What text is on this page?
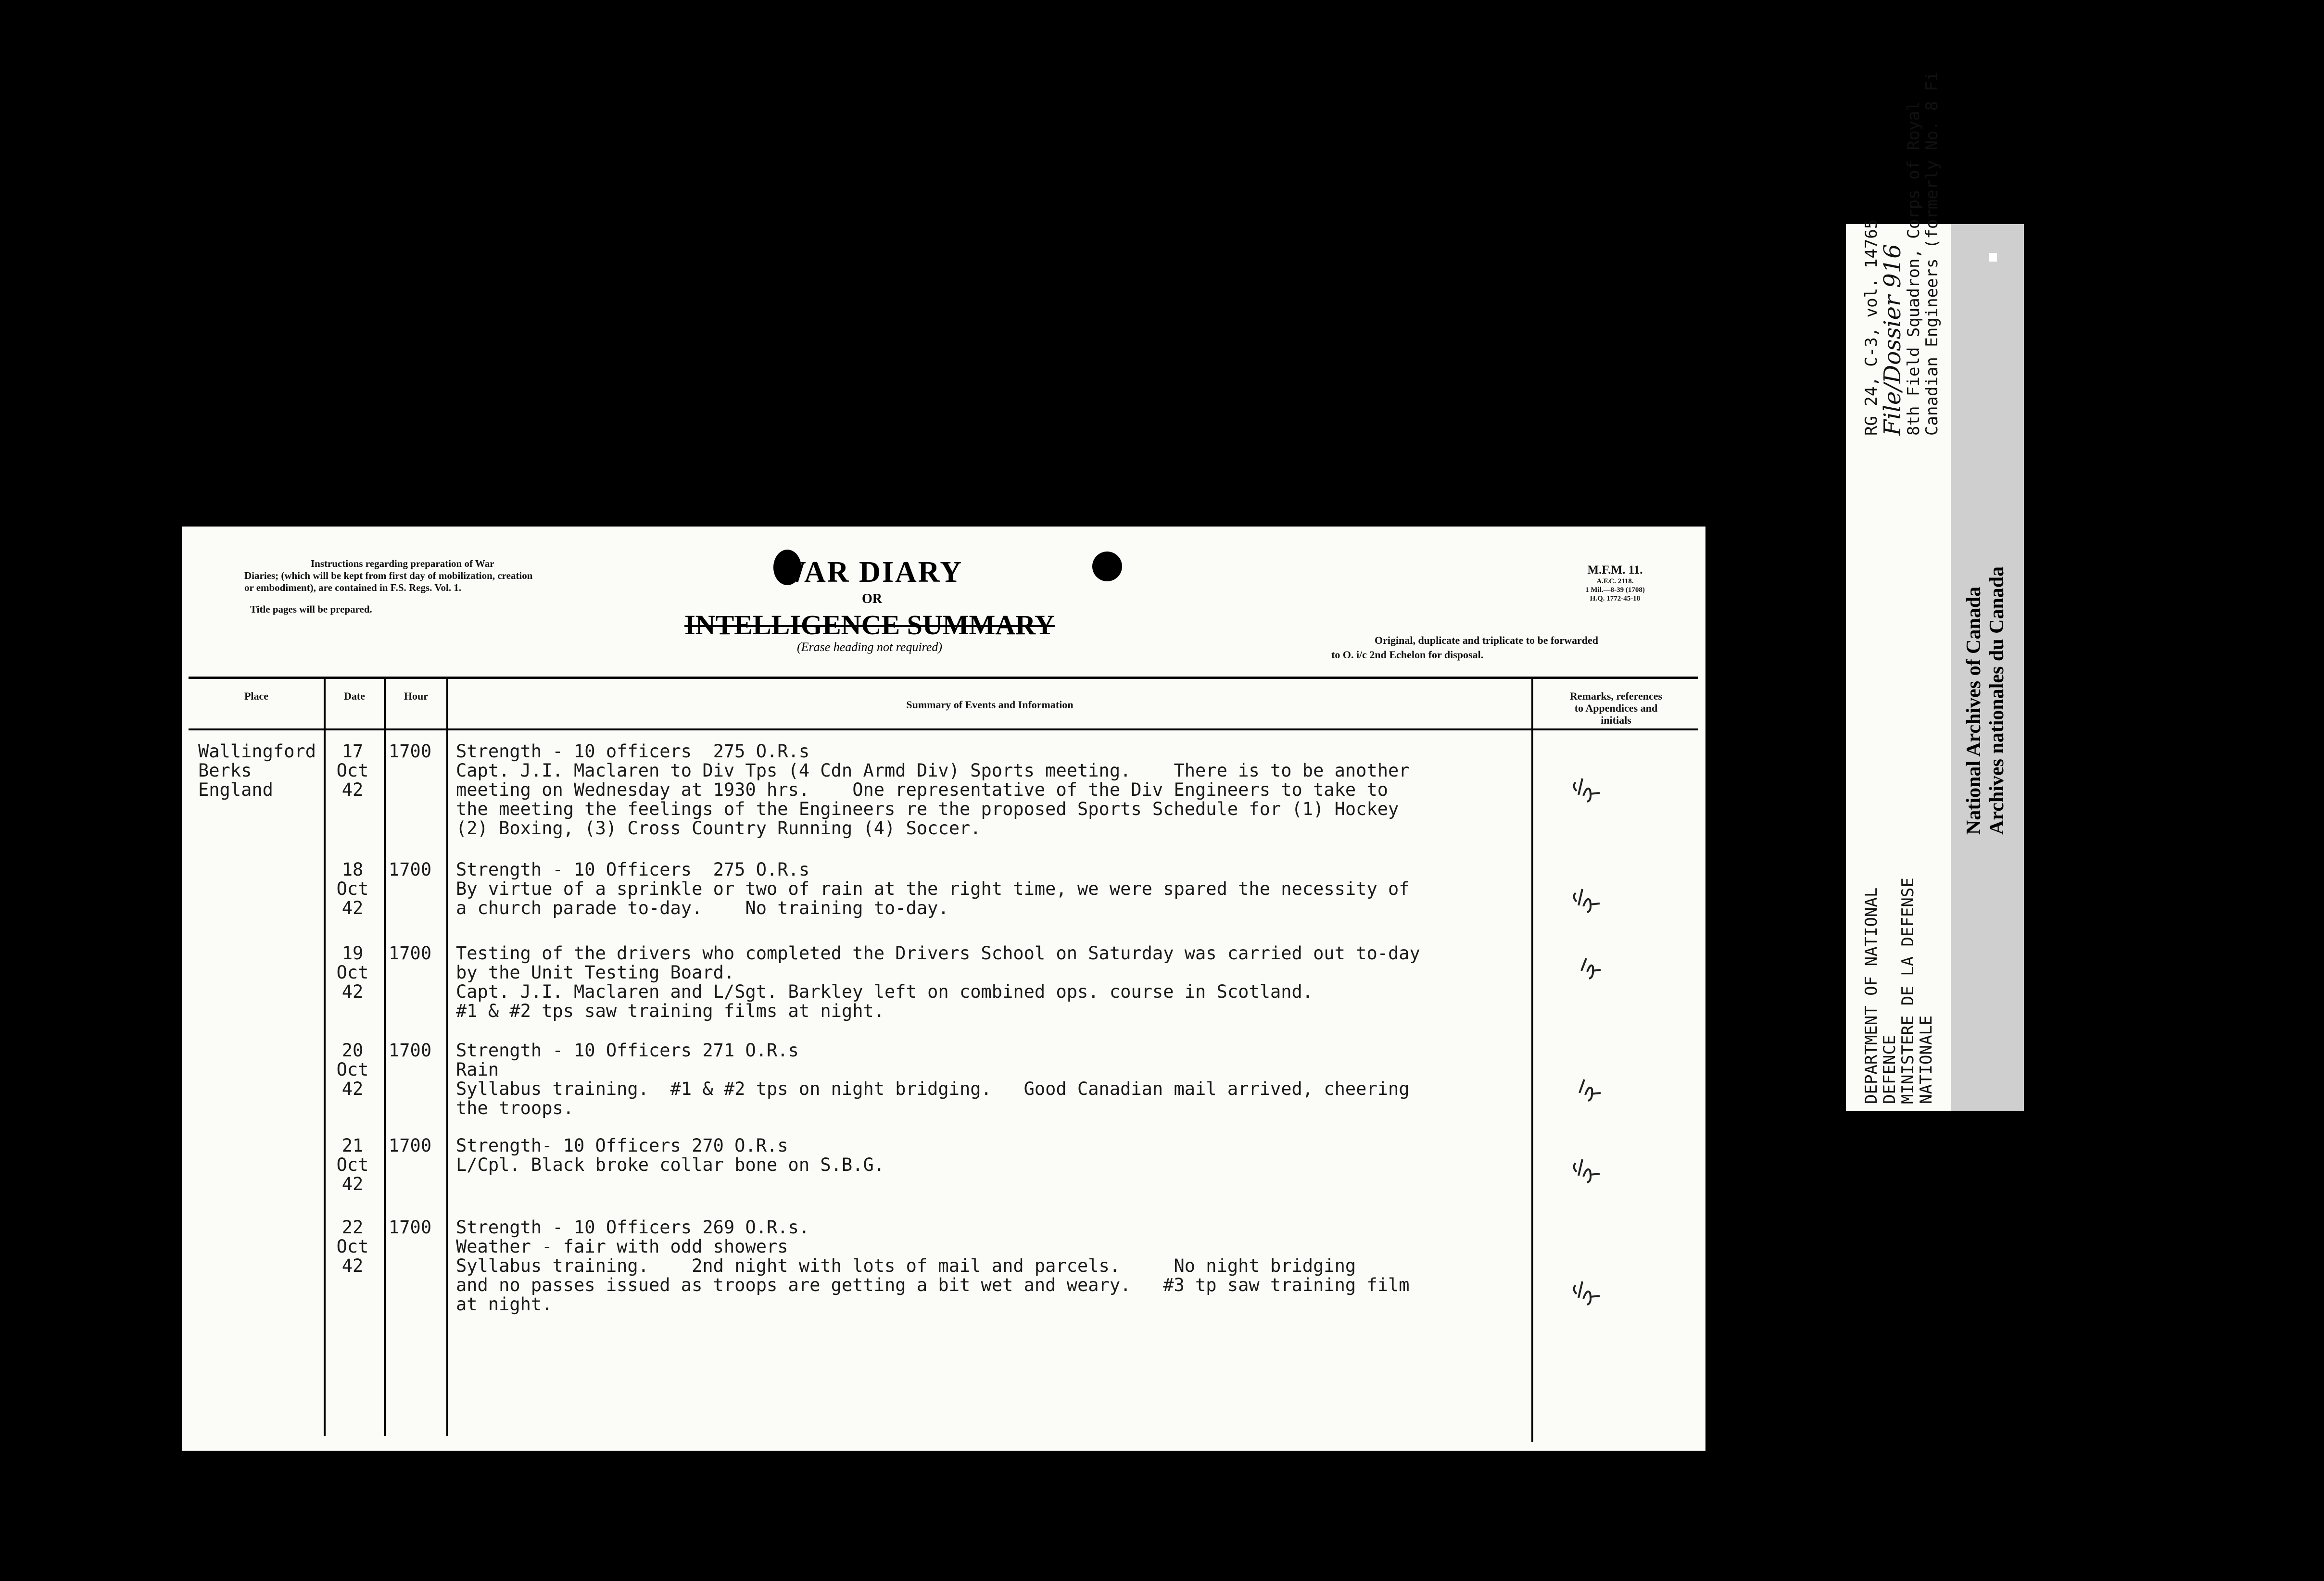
Instructions regarding preparation of War
Diaries; (which will be kept from first day of mobilization, creation or embodiment), are contained in F.S. Regs. Vol. 1.
Title pages will be prepared.
WAR DIARY
OR
INTELLIGENCE SUMMARY
(Erase heading not required)
M.F.M. 11.
A.F.C. 2118.
1 Mil.—8-39 (1708)
H.Q. 1772-45-18
Original, duplicate and triplicate to be forwarded
to O. i/c 2nd Echelon for disposal.
Place	Date	Hour
Summary of Events and Information
Remarks, references
to Appendices and
initials
Wallingford
Berks
England
17
Oct
42
1700 Strength - 10 officers  275 O.R.s
Capt. J.I. Maclaren to Div Tps (4 Cdn Armd Div) Sports meeting.    There is to be another
meeting on Wednesday at 1930 hrs.    One representative of the Div Engineers to take to
the meeting the feelings of the Engineers re the proposed Sports Schedule for (1) Hockey
(2) Boxing, (3) Cross Country Running (4) Soccer.
18
Oct
42
1700 Strength - 10 Officers  275 O.R.s
By virtue of a sprinkle or two of rain at the right time, we were spared the necessity of
a church parade to-day.    No training to-day.
19
Oct
42
1700 Testing of the drivers who completed the Drivers School on Saturday was carried out to-day
by the Unit Testing Board.
Capt. J.I. Maclaren and L/Sgt. Barkley left on combined ops. course in Scotland.
#1 & #2 tps saw training films at night.
20
Oct
42
1700 Strength - 10 Officers 271 O.R.s
Rain
Syllabus training.  #1 & #2 tps on night bridging.   Good Canadian mail arrived, cheering
the troops.
21
Oct
42
1700 Strength- 10 Officers 270 O.R.s
L/Cpl. Black broke collar bone on S.B.G.
22
Oct
42
1700 Strength - 10 Officers 269 O.R.s.
Weather - fair with odd showers
Syllabus training.    2nd night with lots of mail and parcels.     No night bridging
and no passes issued as troops are getting a bit wet and weary.   #3 tp saw training film
at night.
RG 24, C-3, vol. 14765
File/Dossier 916
8th Field Squadron, Corps of Royal
Canadian Engineers (formerly No. 8 Fi
DEPARTMENT OF NATIONAL
DEFENCE
MINISTERE DE LA DEFENSE
NATIONALE
National Archives of Canada Archives nationales du Canada
